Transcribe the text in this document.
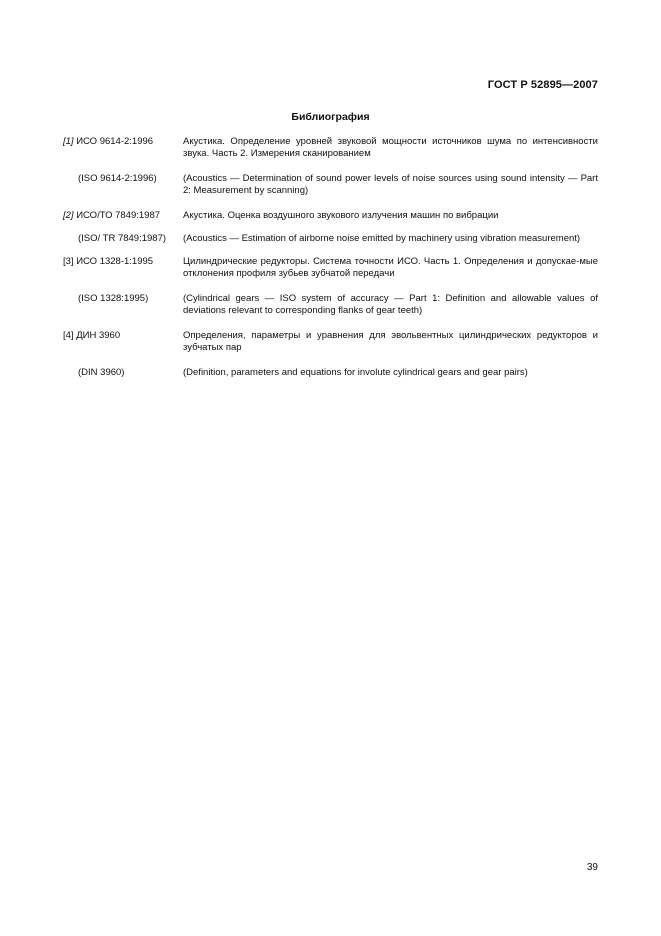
ГОСТ Р 52895—2007
Библиография
[1] ИСО 9614-2:1996	Акустика. Определение уровней звуковой мощности источников шума по интенсивности звука. Часть 2. Измерения сканированием
(ISO 9614-2:1996)	(Acoustics — Determination of sound power levels of noise sources using sound intensity — Part 2: Measurement by scanning)
[2] ИСО/ТО 7849:1987	Акустика. Оценка воздушного звукового излучения машин по вибрации
(ISO/ TR 7849:1987)	(Acoustics — Estimation of airborne noise emitted by machinery using vibration measurement)
[3] ИСО 1328-1:1995	Цилиндрические редукторы. Система точности ИСО. Часть 1. Определения и допускае-мые отклонения профиля зубьев зубчатой передачи
(ISO 1328:1995)	(Cylindrical gears — ISO system of accuracy — Part 1: Definition and allowable values of deviations relevant to corresponding flanks of gear teeth)
[4] ДИН 3960	Определения, параметры и уравнения для эвольвентных цилиндрических редукторов и зубчатых пар
(DIN 3960)	(Definition, parameters and equations for involute cylindrical gears and gear pairs)
39
